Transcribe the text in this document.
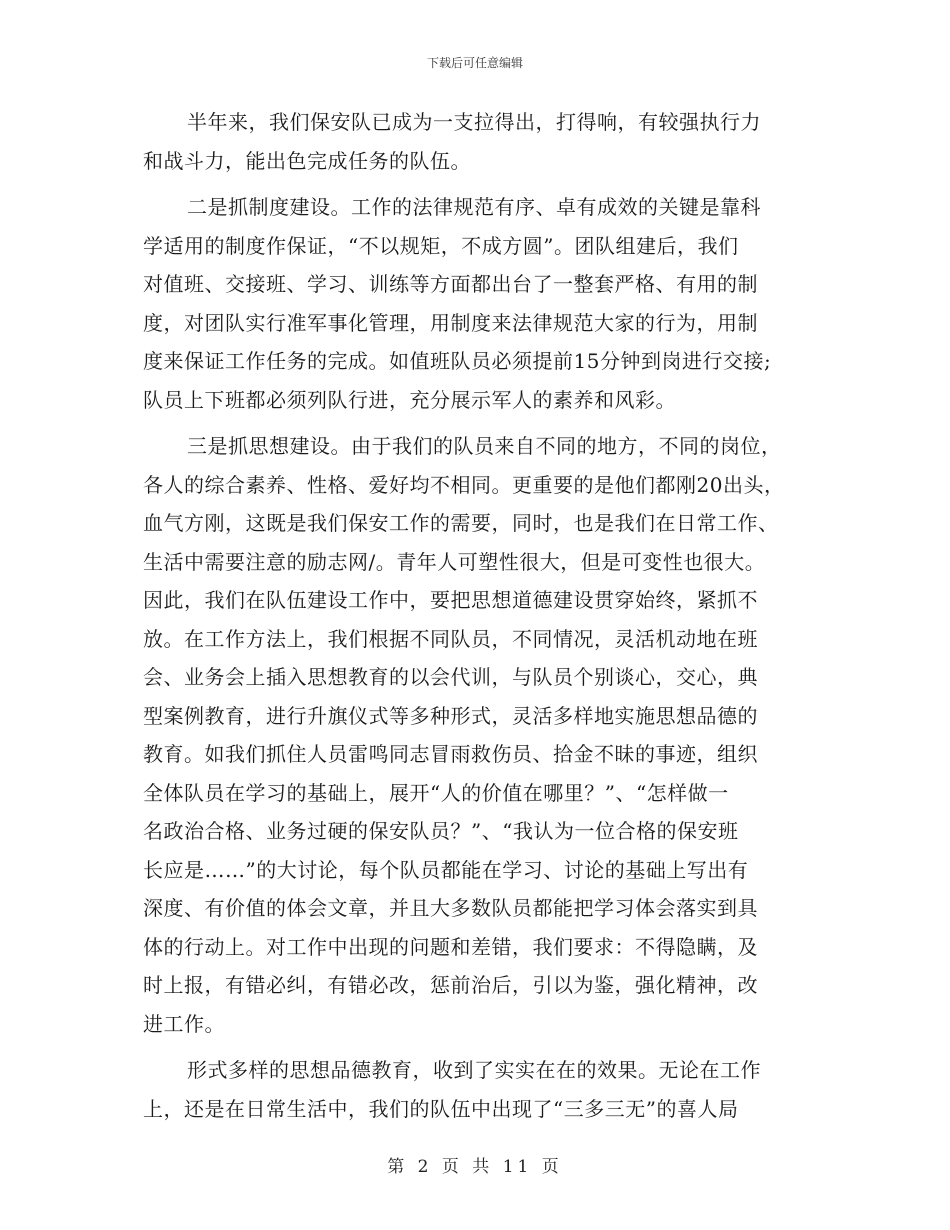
下载后可任意编辑
半年来，我们保安队已成为一支拉得出，打得响，有较强执行力
和战斗力，能出色完成任务的队伍。
二是抓制度建设。工作的法律规范有序、卓有成效的关键是靠科
学适用的制度作保证，“不以规矩，不成方圆”。团队组建后，我们
对值班、交接班、学习、训练等方面都出台了一整套严格、有用的制
度，对团队实行准军事化管理，用制度来法律规范大家的行为，用制
度来保证工作任务的完成。如值班队员必须提前15分钟到岗进行交接;
队员上下班都必须列队行进，充分展示军人的素养和风彩。
三是抓思想建设。由于我们的队员来自不同的地方，不同的岗位，
各人的综合素养、性格、爱好均不相同。更重要的是他们都刚20出头，
血气方刚，这既是我们保安工作的需要，同时，也是我们在日常工作、
生活中需要注意的励志网/。青年人可塑性很大，但是可变性也很大。
因此，我们在队伍建设工作中，要把思想道德建设贯穿始终，紧抓不
放。在工作方法上，我们根据不同队员，不同情况，灵活机动地在班
会、业务会上插入思想教育的以会代训，与队员个别谈心，交心，典
型案例教育，进行升旗仪式等多种形式，灵活多样地实施思想品德的
教育。如我们抓住人员雷鸣同志冒雨救伤员、拾金不昧的事迹，组织
全体队员在学习的基础上，展开“人的价值在哪里？”、“怎样做一
名政治合格、业务过硬的保安队员？”、“我认为一位合格的保安班
长应是……”的大讨论，每个队员都能在学习、讨论的基础上写出有
深度、有价值的体会文章，并且大多数队员都能把学习体会落实到具
体的行动上。对工作中出现的问题和差错，我们要求：不得隐瞒，及
时上报，有错必纠，有错必改，惩前治后，引以为鉴，强化精神，改
进工作。
形式多样的思想品德教育，收到了实实在在的效果。无论在工作
上，还是在日常生活中，我们的队伍中出现了“三多三无”的喜人局
第 2 页 共 11 页
